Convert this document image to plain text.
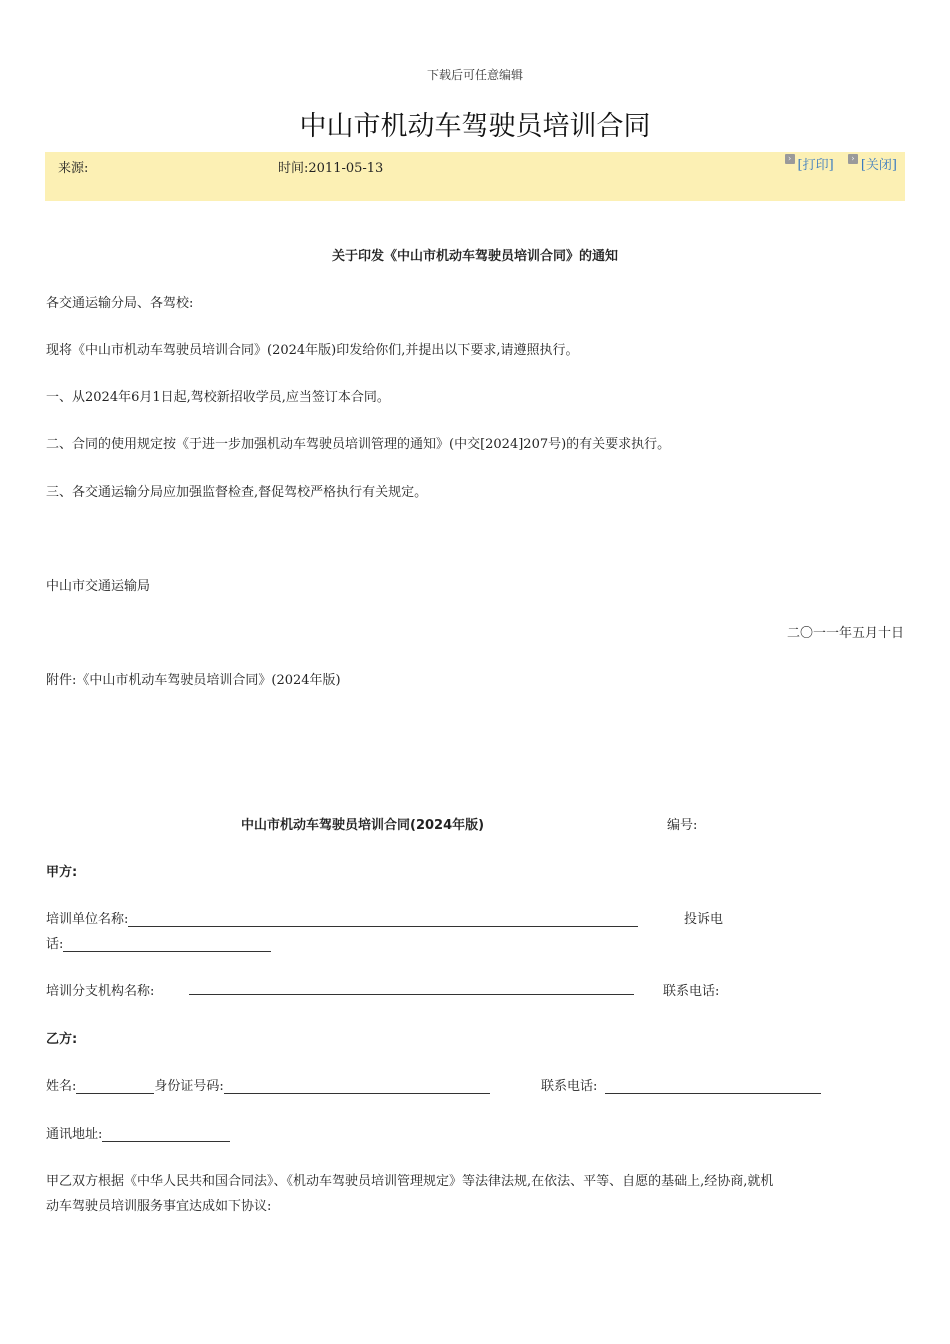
下载后可任意编辑
中山市机动车驾驶员培训合同
来源:	时间:2011-05-13
› [打印] › [关闭]
关于印发《中山市机动车驾驶员培训合同》的通知
各交通运输分局、各驾校:
现将《中山市机动车驾驶员培训合同》(2024年版)印发给你们,并提出以下要求,请遵照执行。
一、从2024年6月1日起,驾校新招收学员,应当签订本合同。
二、合同的使用规定按《于进一步加强机动车驾驶员培训管理的通知》(中交[2024]207号)的有关要求执行。
三、各交通运输分局应加强监督检查,督促驾校严格执行有关规定。
中山市交通运输局
二〇一一年五月十日
附件:《中山市机动车驾驶员培训合同》(2024年版)
中山市机动车驾驶员培训合同(2024年版)	编号:
甲方:
培训单位名称:	投诉电
话:
培训分支机构名称:	联系电话:
乙方:
姓名:	身份证号码:	联系电话:
通讯地址:
甲乙双方根据《中华人民共和国合同法》、《机动车驾驶员培训管理规定》等法律法规,在依法、平等、自愿的基础上,经协商,就机
动车驾驶员培训服务事宜达成如下协议:
